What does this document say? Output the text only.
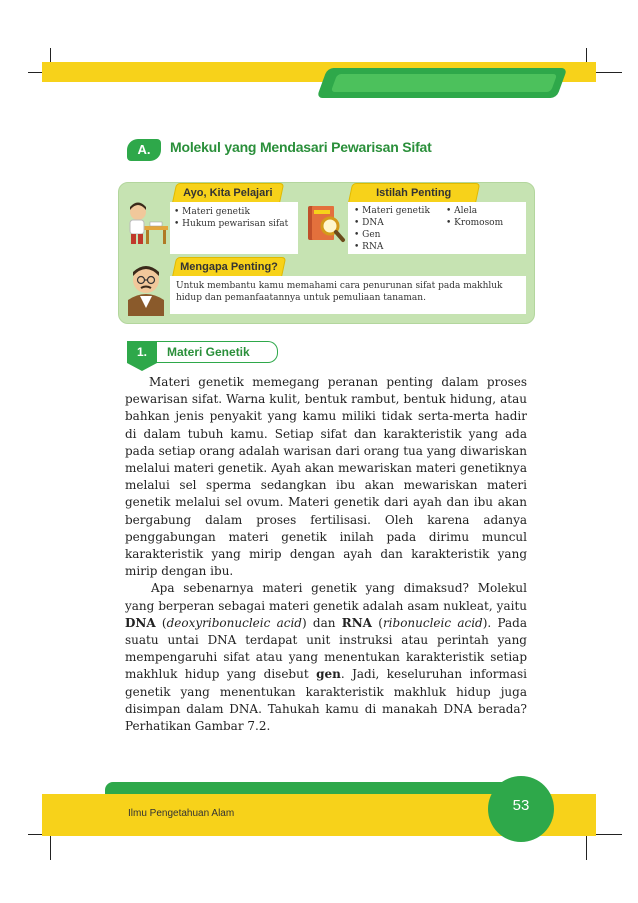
A.	Molekul yang Mendasari Pewarisan Sifat
Ayo, Kita Pelajari
• Materi genetik
• Hukum pewarisan sifat
Istilah Penting
• Materi genetik
• DNA
• Gen
• RNA
• Alela
• Kromosom
Mengapa Penting?
Untuk membantu kamu memahami cara penurunan sifat pada makhluk hidup dan pemanfaatannya untuk pemuliaan tanaman.
Materi Genetik
1.

Materi genetik memegang peranan penting dalam proses pewarisan sifat. Warna kulit, bentuk rambut, bentuk hidung, atau bahkan jenis penyakit yang kamu miliki tidak serta-merta hadir di dalam tubuh kamu. Setiap sifat dan karakteristik yang ada pada setiap orang adalah warisan dari orang tua yang diwariskan melalui materi genetik. Ayah akan mewariskan materi genetiknya melalui sel sperma sedangkan ibu akan mewariskan materi genetik melalui sel ovum. Materi genetik dari ayah dan ibu akan bergabung dalam proses fertilisasi. Oleh karena adanya penggabungan materi genetik inilah pada dirimu muncul karakteristik yang mirip dengan ayah dan karakteristik yang mirip dengan ibu.

Apa sebenarnya materi genetik yang dimaksud? Molekul yang berperan sebagai materi genetik adalah asam nukleat, yaitu DNA (deoxyribonucleic acid) dan RNA (ribonucleic acid). Pada suatu untai DNA terdapat unit instruksi atau perintah yang mempengaruhi sifat atau yang menentukan karakteristik setiap makhluk hidup yang disebut gen. Jadi, keseluruhan informasi genetik yang menentukan karakteristik makhluk hidup juga disimpan dalam DNA. Tahukah kamu di manakah DNA berada? Perhatikan Gambar 7.2.

Ilmu Pengetahuan Alam	53
